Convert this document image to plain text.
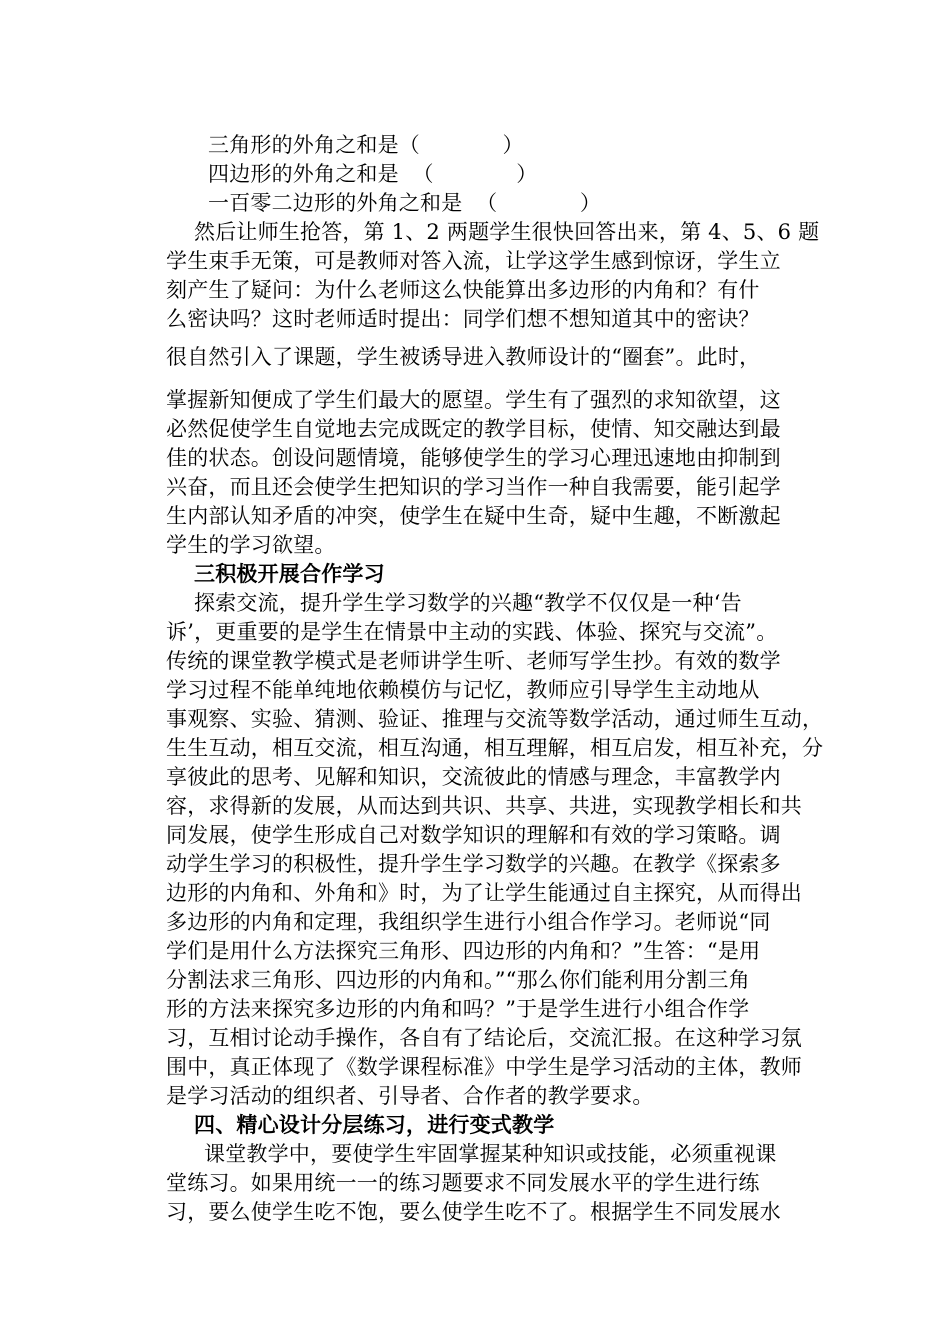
三角形的外角之和是（            ）
四边形的外角之和是  （            ）
一百零二边形的外角之和是  （            ）
然后让师生抢答，第 1、2 两题学生很快回答出来，第 4、5、6 题
学生束手无策，可是教师对答入流，让学这学生感到惊讶，学生立
刻产生了疑问：为什么老师这么快能算出多边形的内角和？有什
么密诀吗？这时老师适时提出：同学们想不想知道其中的密诀？
很自然引入了课题，学生被诱导进入教师设计的“圈套”。此时，
掌握新知便成了学生们最大的愿望。学生有了强烈的求知欲望，这
必然促使学生自觉地去完成既定的教学目标，使情、知交融达到最
佳的状态。创设问题情境，能够使学生的学习心理迅速地由抑制到
兴奋，而且还会使学生把知识的学习当作一种自我需要，能引起学
生内部认知矛盾的冲突，使学生在疑中生奇，疑中生趣，不断激起
学生的学习欲望。
三积极开展合作学习
探索交流，提升学生学习数学的兴趣“教学不仅仅是一种‘告
诉’，更重要的是学生在情景中主动的实践、体验、探究与交流”。
传统的课堂教学模式是老师讲学生听、老师写学生抄。有效的数学
学习过程不能单纯地依赖模仿与记忆，教师应引导学生主动地从
事观察、实验、猜测、验证、推理与交流等数学活动，通过师生互动，
生生互动，相互交流，相互沟通，相互理解，相互启发，相互补充，分
享彼此的思考、见解和知识，交流彼此的情感与理念，丰富教学内
容，求得新的发展，从而达到共识、共享、共进，实现教学相长和共
同发展，使学生形成自己对数学知识的理解和有效的学习策略。调
动学生学习的积极性，提升学生学习数学的兴趣。在教学《探索多
边形的内角和、外角和》时，为了让学生能通过自主探究，从而得出
多边形的内角和定理，我组织学生进行小组合作学习。老师说“同
学们是用什么方法探究三角形、四边形的内角和？”生答：“是用
分割法求三角形、四边形的内角和。”“那么你们能利用分割三角
形的方法来探究多边形的内角和吗？”于是学生进行小组合作学
习，互相讨论动手操作，各自有了结论后，交流汇报。在这种学习氛
围中，真正体现了《数学课程标准》中学生是学习活动的主体，教师
是学习活动的组织者、引导者、合作者的教学要求。
四、精心设计分层练习，进行变式教学
课堂教学中，要使学生牢固掌握某种知识或技能，必须重视课
堂练习。如果用统一一的练习题要求不同发展水平的学生进行练
习，要么使学生吃不饱，要么使学生吃不了。根据学生不同发展水
